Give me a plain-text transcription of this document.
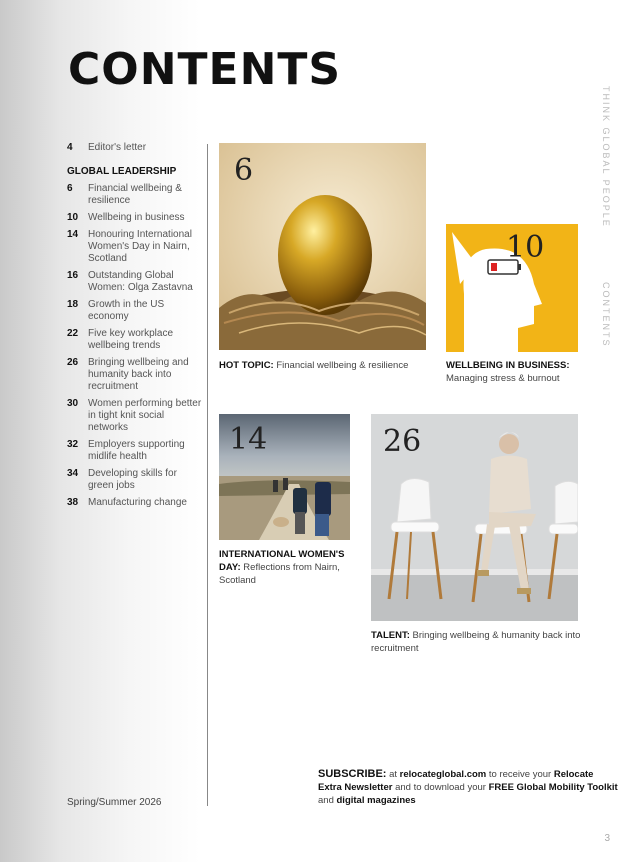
CONTENTS
4	Editor's letter
GLOBAL LEADERSHIP
6	Financial wellbeing & resilience
10 Wellbeing in business
14 Honouring International Women's Day in Nairn, Scotland
16 Outstanding Global Women: Olga Zastavna
18 Growth in the US economy
22 Five key workplace wellbeing trends
26 Bringing wellbeing and humanity back into recruitment
30 Women performing better in tight knit social networks
32 Employers supporting midlife health
34 Developing skills for green jobs
38 Manufacturing change
Spring/Summer 2026
6
HOT TOPIC: Financial wellbeing & resilience
10
WELLBEING IN BUSINESS:
Managing stress & burnout
14
INTERNATIONAL WOMEN'S DAY: Reflections from Nairn, Scotland
26
TALENT: Bringing wellbeing & humanity back into recruitment
THINK GLOBAL PEOPLE
CONTENTS
SUBSCRIBE: at relocateglobal.com to receive your Relocate Extra Newsletter and to download your FREE Global Mobility Toolkit and digital magazines
3
